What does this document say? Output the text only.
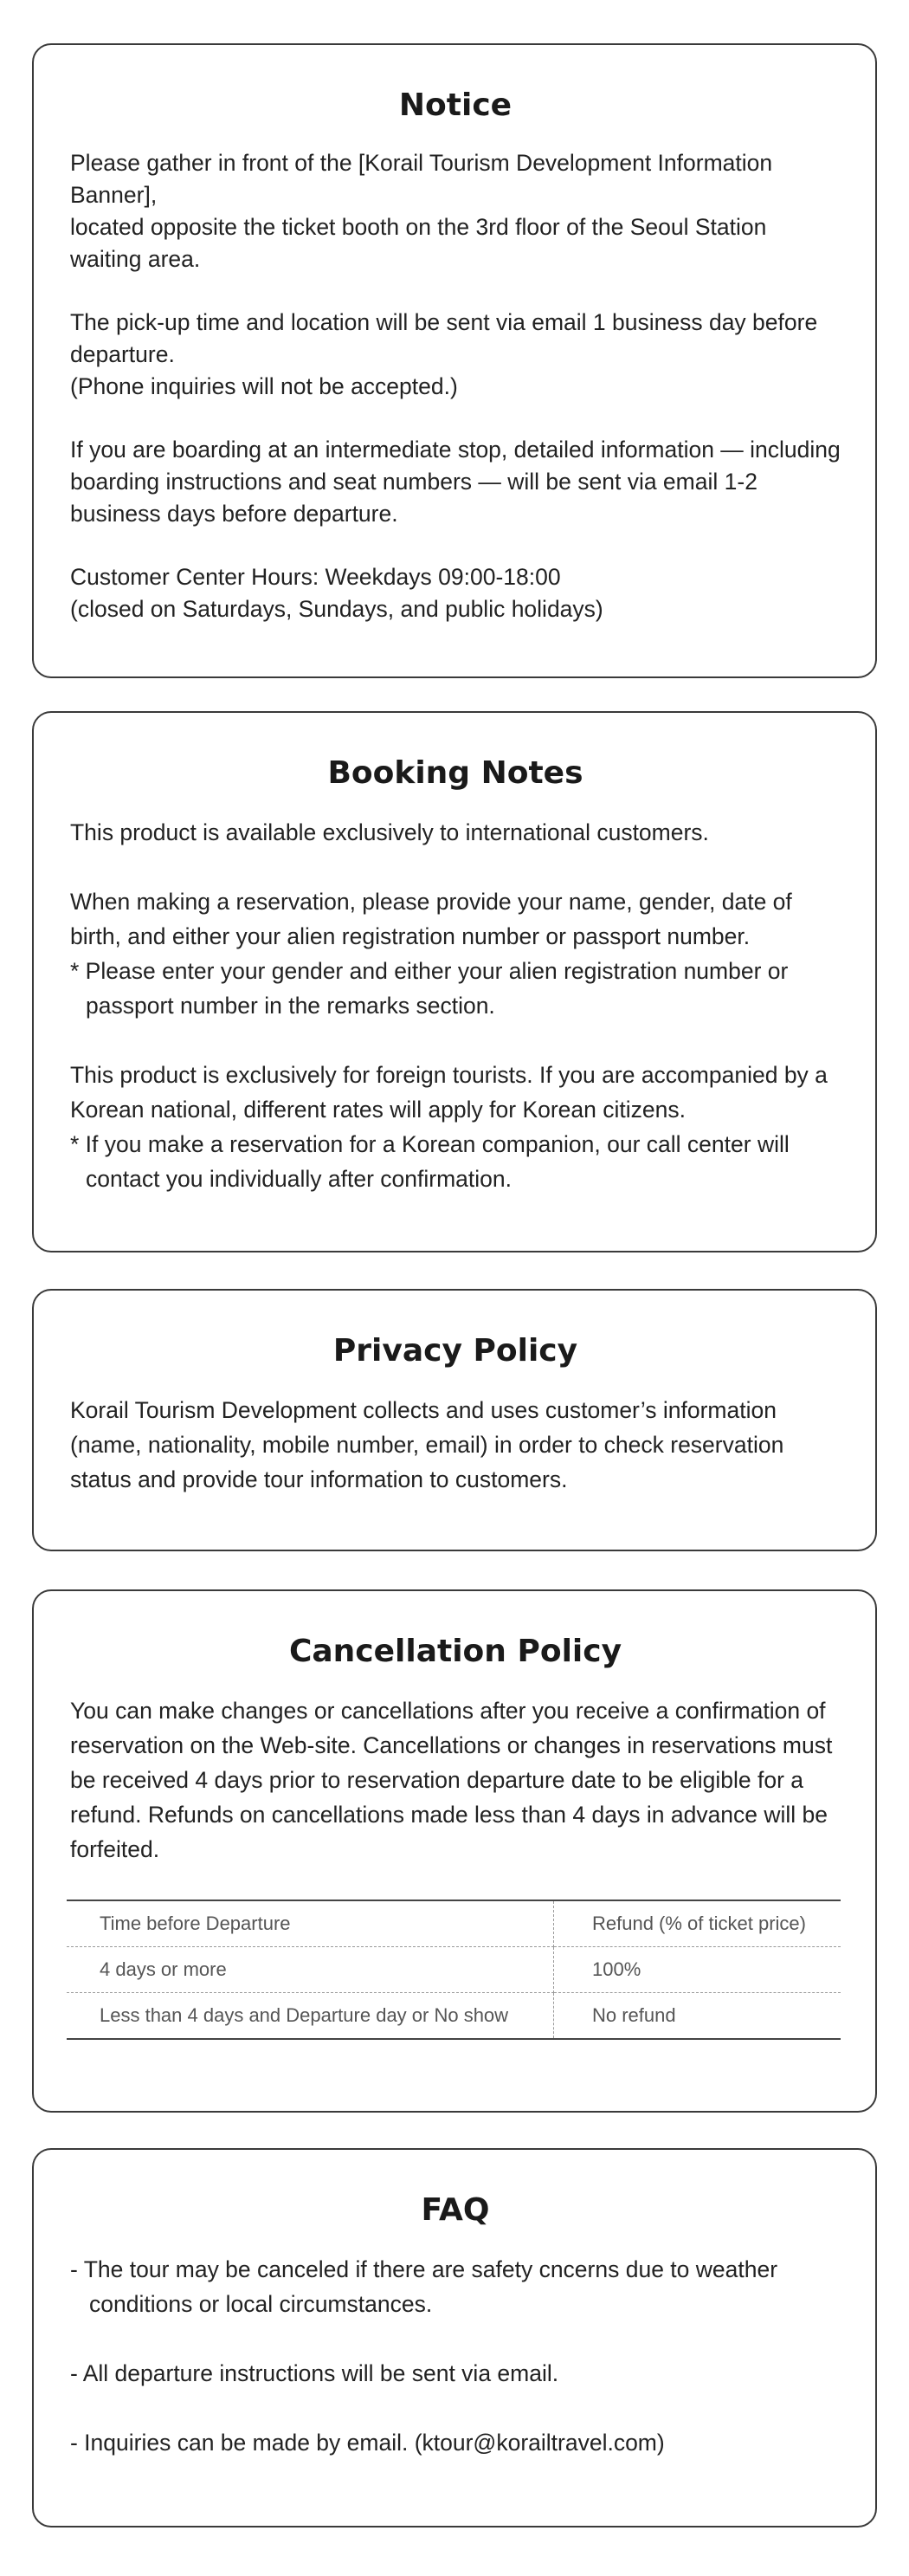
Notice

Please gather in front of the [Korail Tourism Development Information Banner],
located opposite the ticket booth on the 3rd floor of the Seoul Station waiting area.

The pick-up time and location will be sent via email 1 business day before departure.
(Phone inquiries will not be accepted.)

If you are boarding at an intermediate stop, detailed information — including boarding instructions and seat numbers — will be sent via email 1-2 business days before departure.

Customer Center Hours: Weekdays 09:00-18:00
(closed on Saturdays, Sundays, and public holidays)

Booking Notes

This product is available exclusively to international customers.

When making a reservation, please provide your name, gender, date of birth, and either your alien registration number or passport number.

* Please enter your gender and either your alien registration number or passport number in the remarks section.

This product is exclusively for foreign tourists. If you are accompanied by a Korean national, different rates will apply for Korean citizens.

* If you make a reservation for a Korean companion, our call center will contact you individually after confirmation.

Privacy Policy

Korail Tourism Development collects and uses customer’s information (name, nationality, mobile number, email) in order to check reservation status and provide tour information to customers.

Cancellation Policy

You can make changes or cancellations after you receive a confirmation of reservation on the Web-site. Cancellations or changes in reservations must be received 4 days prior to reservation departure date to be eligible for a refund. Refunds on cancellations made less than 4 days in advance will be forfeited.

Time before Departure	Refund (% of ticket price)
4 days or more	100%
Less than 4 days and Departure day or No show	No refund
FAQ

- The tour may be canceled if there are safety cncerns due to weather conditions or local circumstances.

- All departure instructions will be sent via email.

- Inquiries can be made by email. (ktour@korailtravel.com)
